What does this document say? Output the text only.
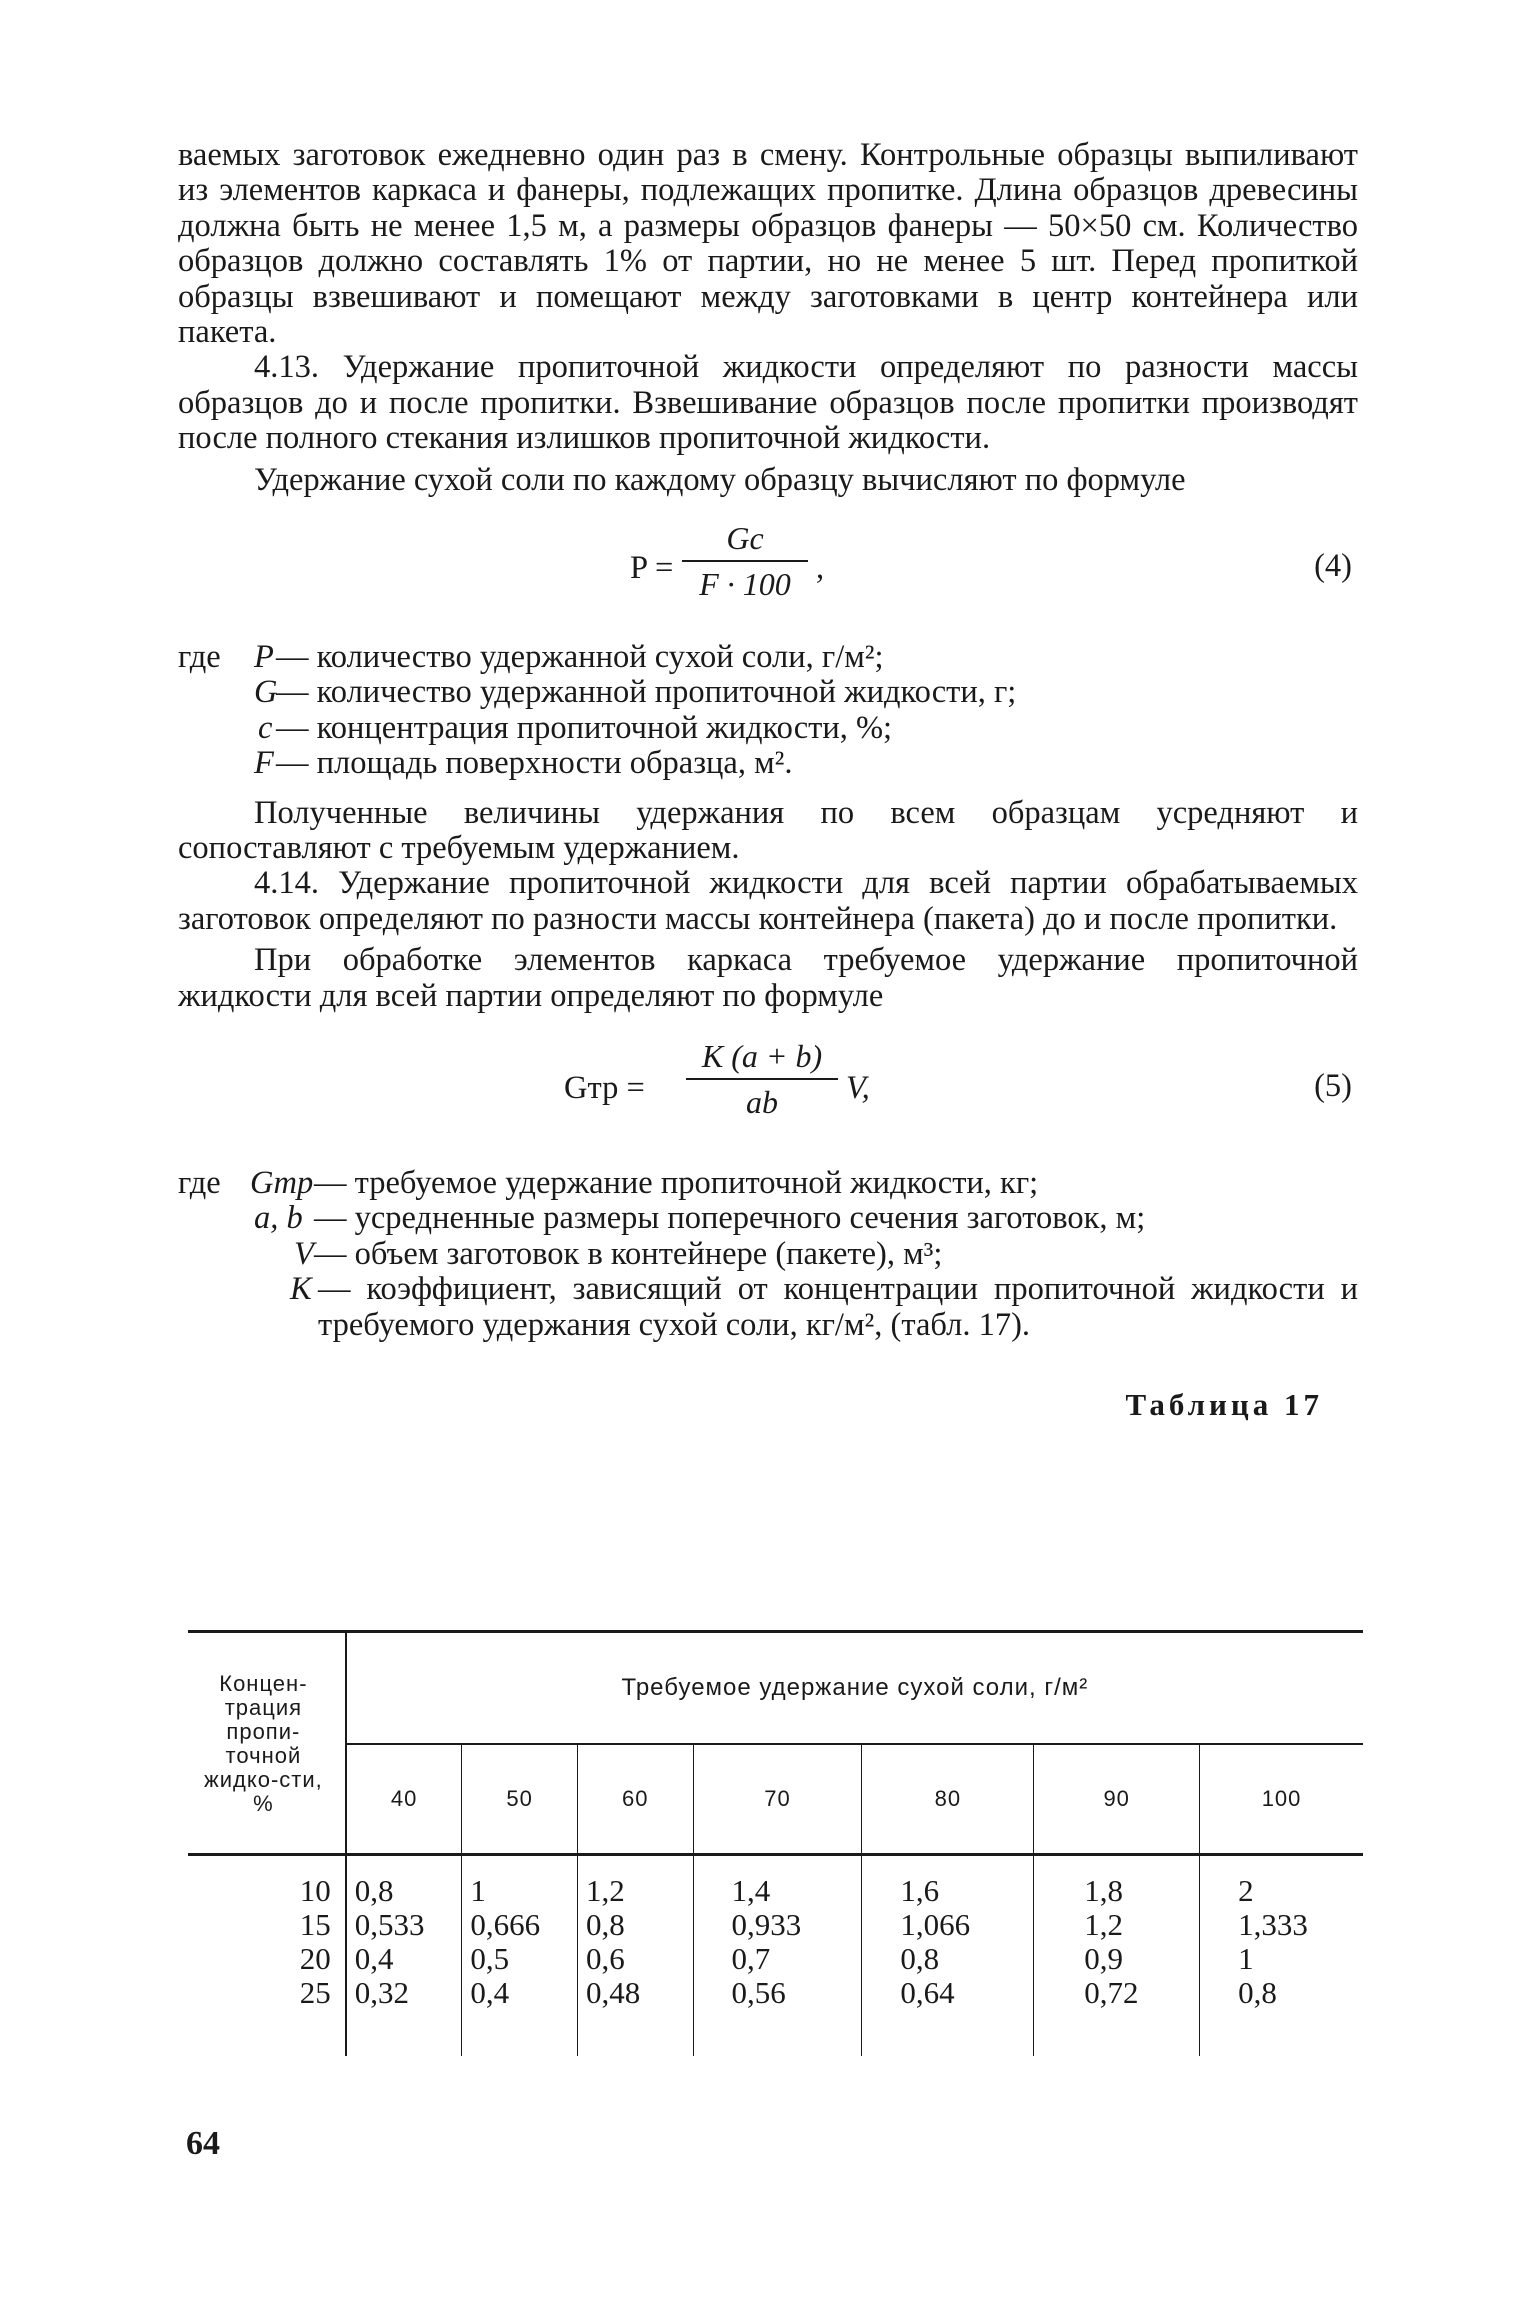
ваемых заготовок ежедневно один раз в смену. Контрольные образцы выпиливают из элементов каркаса и фанеры, подлежащих пропитке. Длина образцов древесины должна быть не менее 1,5 м, а размеры образцов фанеры — 50×50 см. Количество образцов должно составлять 1% от партии, но не менее 5 шт. Перед пропиткой образцы взвешивают и помещают между заготовками в центр контейнера или пакета.

4.13. Удержание пропиточной жидкости определяют по разности массы образцов до и после пропитки. Взвешивание образцов после пропитки производят после полного стекания излишков пропиточной жидкости.

Удержание сухой соли по каждому образцу вычисляют по формуле

P =
Gc
F · 100 ,	(4)
где P — количество удержанной сухой соли, г/м²;
G
— количество удержанной пропиточной жидкости, г;
c — концентрация пропиточной жидкости, %;
F — площадь поверхности образца, м².

Полученные величины удержания по всем образцам усредняют и сопоставляют с требуемым удержанием.

4.14. Удержание пропиточной жидкости для всей партии обрабатываемых заготовок определяют по разности массы контейнера (пакета) до и после пропитки.

При обработке элементов каркаса требуемое удержание пропиточной жидкости для всей партии определяют по формуле

Gтр =
K (a + b)
ab	V,	(5)
где Gтр — требуемое удержание пропиточной жидкости, кг;
a, b — усредненные размеры поперечного сечения заготовок, м;
V — объем заготовок в контейнере (пакете), м³;
K — коэффициент, зависящий от концентрации пропиточной жидкости и требуемого удержания сухой соли, кг/м², (табл. 17).
Таблица 17
Концен-трация пропи-точной жидко-сти, %	Требуемое удержание сухой соли, г/м²						
	40	50	60	70	80	90	100
10	0,8	1	1,2	1,4	1,6	1,8	2
15	0,533	0,666	0,8	0,933	1,066	1,2	1,333
20	0,4	0,5	0,6	0,7	0,8	0,9	1
25	0,32	0,4	0,48	0,56	0,64	0,72	0,8
64
